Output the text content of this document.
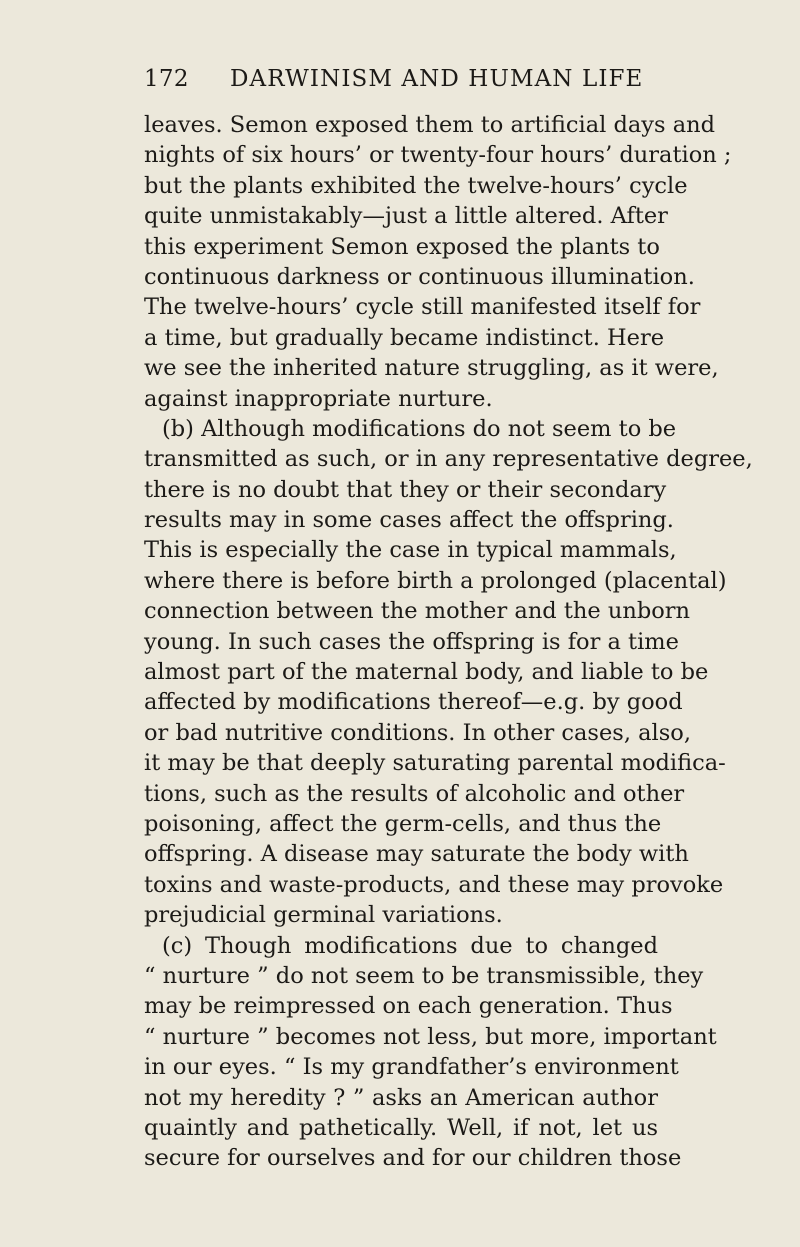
172 DARWINISM AND HUMAN LIFE
leaves. Semon exposed them to artificial days and
nights of six hours’ or twenty-four hours’ duration ;
but the plants exhibited the twelve-hours’ cycle
quite unmistakably—just a little altered. After
this experiment Semon exposed the plants to
continuous darkness or continuous illumination.
The twelve-hours’ cycle still manifested itself for
a time, but gradually became indistinct. Here
we see the inherited nature struggling, as it were,
against inappropriate nurture.
(b) Although modifications do not seem to be
transmitted as such, or in any representative degree,
there is no doubt that they or their secondary
results may in some cases affect the offspring.
This is especially the case in typical mammals,
where there is before birth a prolonged (placental)
connection between the mother and the unborn
young. In such cases the offspring is for a time
almost part of the maternal body, and liable to be
affected by modifications thereof—e.g. by good
or bad nutritive conditions. In other cases, also,
it may be that deeply saturating parental modifica-
tions, such as the results of alcoholic and other
poisoning, affect the germ-cells, and thus the
offspring. A disease may saturate the body with
toxins and waste-products, and these may provoke
prejudicial germinal variations.
(c) Though modifications due to changed
“ nurture ” do not seem to be transmissible, they
may be reimpressed on each generation. Thus
“ nurture ” becomes not less, but more, important
in our eyes. “ Is my grandfather’s environment
not my heredity ? ” asks an American author
quaintly and pathetically. Well, if not, let us
secure for ourselves and for our children those
